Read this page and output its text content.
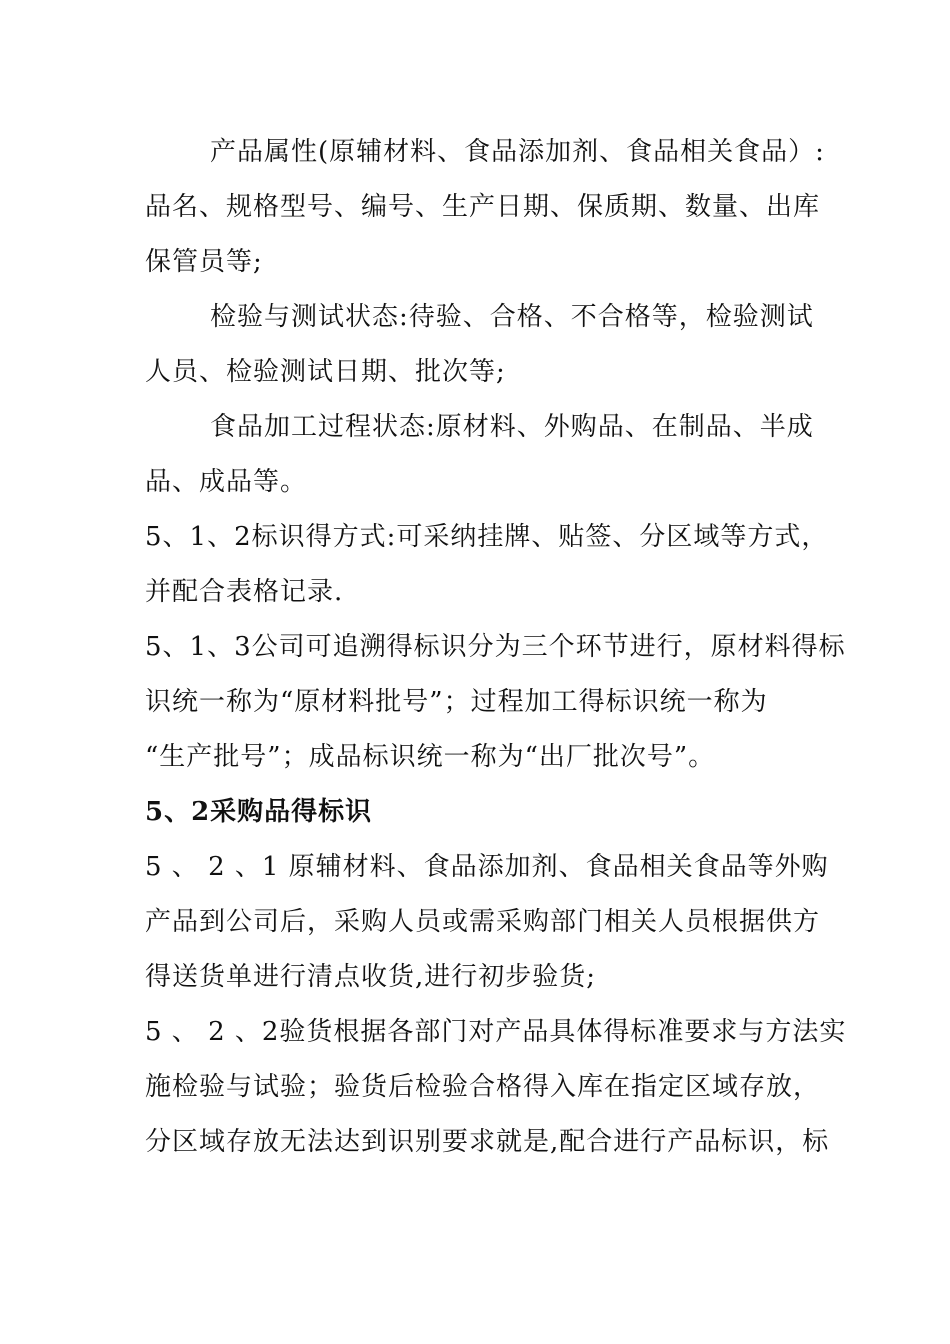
产品属性(原辅材料、食品添加剂、食品相关食品）:
品名、规格型号、编号、生产日期、保质期、数量、出库
保管员等;
检验与测试状态:待验、合格、不合格等，检验测试
人员、检验测试日期、批次等;
食品加工过程状态:原材料、外购品、在制品、半成
品、成品等。
5、1、2标识得方式:可采纳挂牌、贴签、分区域等方式，
并配合表格记录.
5、1、3公司可追溯得标识分为三个环节进行，原材料得标
识统一称为“原材料批号”；过程加工得标识统一称为
“生产批号”；成品标识统一称为“出厂批次号”。
5、2采购品得标识
5 、 2 、1 原辅材料、食品添加剂、食品相关食品等外购
产品到公司后，采购人员或需采购部门相关人员根据供方
得送货单进行清点收货,进行初步验货;
5 、 2 、2验货根据各部门对产品具体得标准要求与方法实
施检验与试验；验货后检验合格得入库在指定区域存放，
分区域存放无法达到识别要求就是,配合进行产品标识，标
